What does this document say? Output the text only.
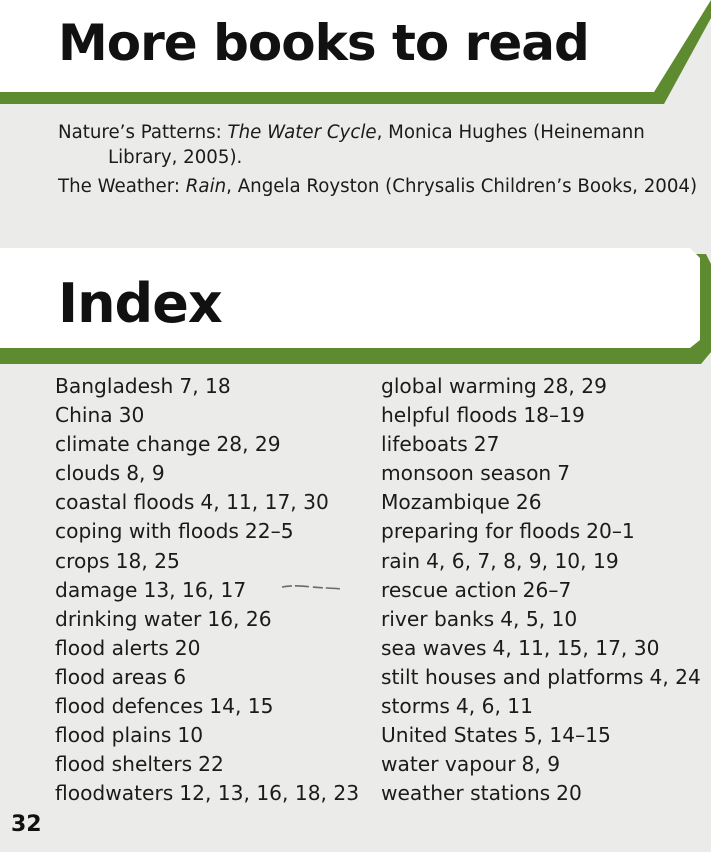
More books to read
Nature’s Patterns: The Water Cycle, Monica Hughes (Heinemann Library, 2005).
The Weather: Rain, Angela Royston (Chrysalis Children’s Books, 2004)
Index
Bangladesh 7, 18
China 30
climate change 28, 29
clouds 8, 9
coastal floods 4, 11, 17, 30
coping with floods 22–5
crops 18, 25
damage 13, 16, 17
drinking water 16, 26
flood alerts 20
flood areas 6
flood defences 14, 15
flood plains 10
flood shelters 22
floodwaters 12, 13, 16, 18, 23
global warming 28, 29
helpful floods 18–19
lifeboats 27
monsoon season 7
Mozambique 26
preparing for floods 20–1
rain 4, 6, 7, 8, 9, 10, 19
rescue action 26–7
river banks 4, 5, 10
sea waves 4, 11, 15, 17, 30
stilt houses and platforms 4, 24
storms 4, 6, 11
United States 5, 14–15
water vapour 8, 9
weather stations 20
32
